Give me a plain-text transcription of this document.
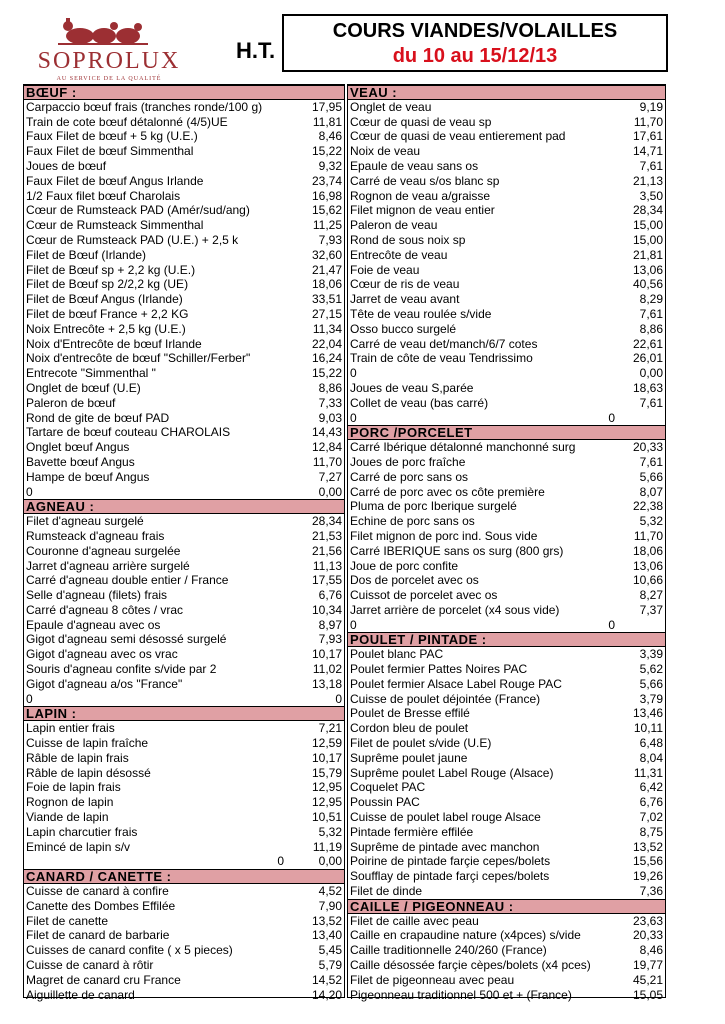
SOPROLUX
AU SERVICE DE LA QUALITÉ
H.T.
COURS VIANDES/VOLAILLES
du 10 au 15/12/13
BŒUF :
Carpaccio bœuf frais (tranches ronde/100 g)	17,95
Train de cote bœuf détalonné (4/5)UE	11,81
Faux Filet de bœuf + 5 kg (U.E.)	8,46
Faux Filet de bœuf Simmenthal	15,22
Joues de bœuf	9,32
Faux Filet de bœuf Angus Irlande	23,74
1/2 Faux filet bœuf Charolais	16,98
Cœur de Rumsteack PAD (Amér/sud/ang)	15,62
Cœur de Rumsteack Simmenthal	11,25
Cœur de Rumsteack PAD (U.E.) + 2,5 k	7,93
Filet de Bœuf (Irlande)	32,60
Filet de Bœuf sp + 2,2 kg (U.E.)	21,47
Filet de Bœuf sp 2/2,2 kg (UE)	18,06
Filet de Bœuf Angus (Irlande)	33,51
Filet de bœuf France + 2,2 KG	27,15
Noix Entrecôte + 2,5 kg (U.E.)	11,34
Noix d'Entrecôte de bœuf Irlande	22,04
Noix d'entrecôte de bœuf "Schiller/Ferber"	16,24
Entrecote "Simmenthal "	15,22
Onglet de bœuf (U.E)	8,86
Paleron de bœuf	7,33
Rond de gite de bœuf PAD	9,03
Tartare de bœuf couteau CHAROLAIS	14,43
Onglet bœuf Angus	12,84
Bavette bœuf Angus	11,70
Hampe de bœuf Angus	7,27
0	0,00
AGNEAU :
Filet d'agneau surgelé	28,34
Rumsteack d'agneau frais	21,53
Couronne d'agneau surgelée	21,56
Jarret d'agneau arrière surgelé	11,13
Carré d'agneau double entier / France	17,55
Selle d'agneau (filets) frais	6,76
Carré d'agneau 8 côtes / vrac	10,34
Epaule d'agneau avec os	8,97
Gigot d'agneau semi désossé surgelé	7,93
Gigot d'agneau avec os vrac	10,17
Souris d'agneau confite s/vide par 2	11,02
Gigot d'agneau a/os "France"	13,18
0	0
LAPIN :
Lapin entier frais	7,21
Cuisse de lapin fraîche	12,59
Râble de lapin frais	10,17
Râble de lapin désossé	15,79
Foie de lapin frais	12,95
Rognon de lapin	12,95
Viande de lapin	10,51
Lapin charcutier frais	5,32
Emincé de lapin s/v	11,19
0	0,00
CANARD / CANETTE :
Cuisse de canard à confire	4,52
Canette des Dombes Effilée	7,90
Filet de canette	13,52
Filet de canard de barbarie	13,40
Cuisses de canard confite ( x 5 pieces)	5,45
Cuisse de canard à rôtir	5,79
Magret de canard cru France	14,52
Aiguillette de canard	14,20
VEAU :
Onglet de veau	9,19
Cœur de quasi de veau sp	11,70
Cœur de quasi de veau entierement pad	17,61
Noix de veau	14,71
Epaule de veau sans os	7,61
Carré de veau s/os blanc sp	21,13
Rognon de veau a/graisse	3,50
Filet mignon de veau entier	28,34
Paleron de veau	15,00
Rond de sous noix sp	15,00
Entrecôte de veau	21,81
Foie de veau	13,06
Cœur de ris de veau	40,56
Jarret de veau avant	8,29
Tête de veau roulée s/vide	7,61
Osso bucco surgelé	8,86
Carré de veau det/manch/6/7 cotes	22,61
Train de côte de veau Tendrissimo	26,01
0	0,00
Joues de veau S,parée	18,63
Collet de veau (bas carré)	7,61
0	0
PORC /PORCELET
Carré Ibérique détalonné manchonné surg	20,33
Joues de porc fraîche	7,61
Carré de porc sans os	5,66
Carré de porc avec os côte première	8,07
Pluma de porc Iberique surgelé	22,38
Echine de porc sans os	5,32
Filet mignon de porc ind. Sous vide	11,70
Carré IBERIQUE sans os surg (800 grs)	18,06
Joue de porc confite	13,06
Dos de porcelet avec os	10,66
Cuissot de porcelet avec os	8,27
Jarret arrière de porcelet (x4 sous vide)	7,37
0	0
POULET / PINTADE :
Poulet blanc PAC	3,39
Poulet fermier Pattes Noires PAC	5,62
Poulet fermier Alsace Label Rouge PAC	5,66
Cuisse de poulet déjointée (France)	3,79
Poulet de Bresse effilé	13,46
Cordon bleu de poulet	10,11
Filet de poulet s/vide (U.E)	6,48
Suprême poulet jaune	8,04
Suprême poulet Label Rouge (Alsace)	11,31
Coquelet PAC	6,42
Poussin PAC	6,76
Cuisse de poulet label rouge Alsace	7,02
Pintade fermière effilée	8,75
Suprême de pintade avec manchon	13,52
Poirine de pintade farçie cepes/bolets	15,56
Soufflay de pintade farçi cepes/bolets	19,26
Filet de dinde	7,36
CAILLE / PIGEONNEAU :
Filet de caille avec peau	23,63
Caille en crapaudine nature (x4pces) s/vide	20,33
Caille traditionnelle 240/260 (France)	8,46
Caille désossée farçie cèpes/bolets (x4 pces)	19,77
Filet de pigeonneau avec peau	45,21
Pigeonneau traditionnel 500 et + (France)	15,05
